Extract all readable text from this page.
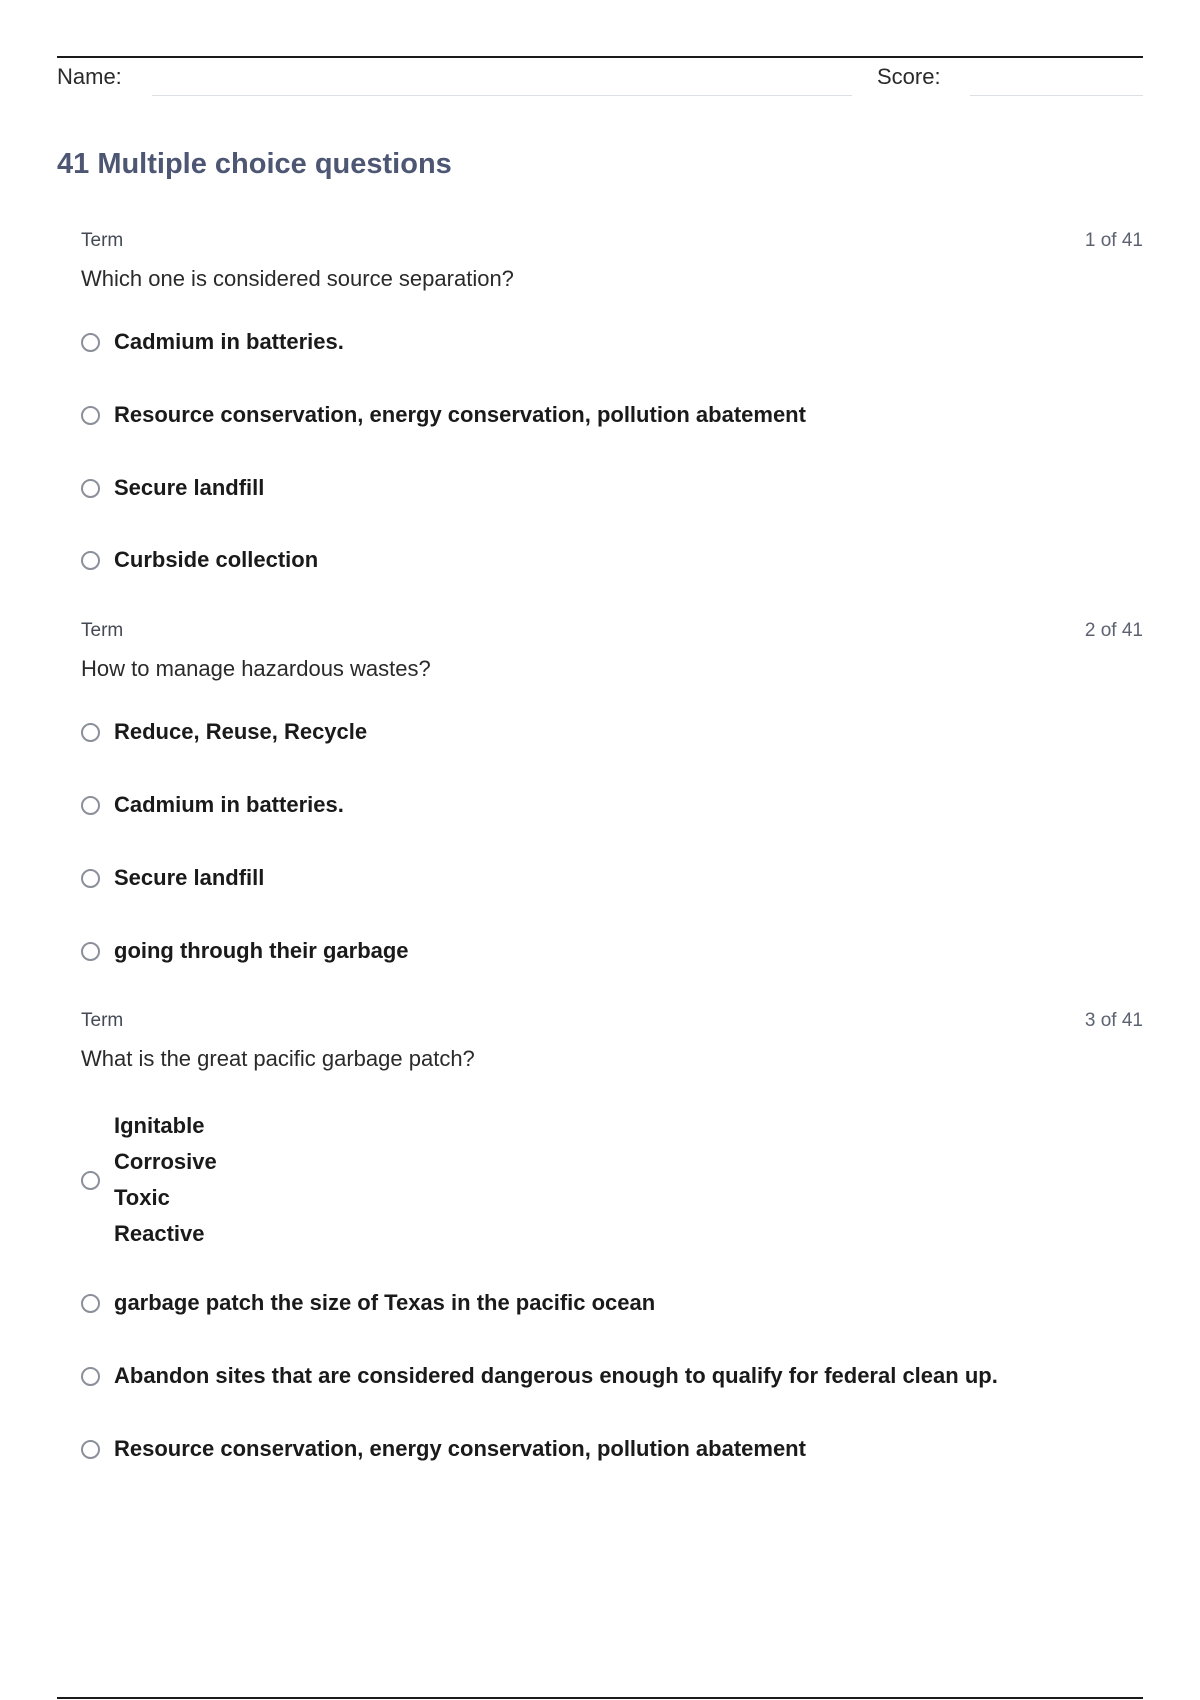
Name:	Score:
41 Multiple choice questions
Term	1 of 41
Which one is considered source separation?
Cadmium in batteries.
Resource conservation, energy conservation, pollution abatement
Secure landfill
Curbside collection
Term	2 of 41
How to manage hazardous wastes?
Reduce, Reuse, Recycle
Cadmium in batteries.
Secure landfill
going through their garbage
Term	3 of 41
What is the great pacific garbage patch?
Ignitable
Corrosive
Toxic
Reactive
garbage patch the size of Texas in the pacific ocean
Abandon sites that are considered dangerous enough to qualify for federal clean up.
Resource conservation, energy conservation, pollution abatement
